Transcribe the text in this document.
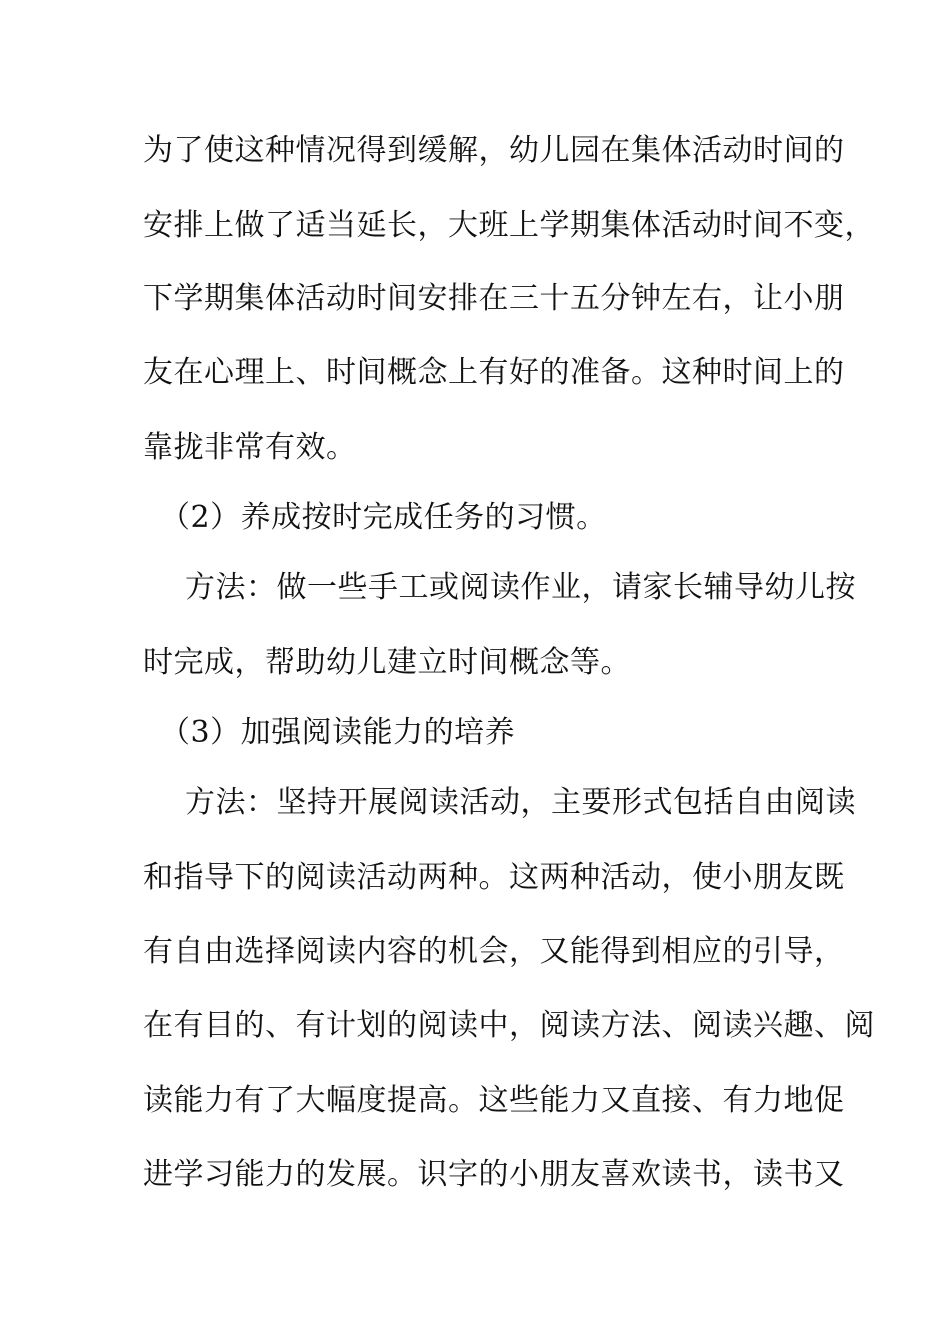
为了使这种情况得到缓解，幼儿园在集体活动时间的
安排上做了适当延长，大班上学期集体活动时间不变，
下学期集体活动时间安排在三十五分钟左右，让小朋
友在心理上、时间概念上有好的准备。这种时间上的
靠拢非常有效。
（2）养成按时完成任务的习惯。
方法：做一些手工或阅读作业，请家长辅导幼儿按
时完成，帮助幼儿建立时间概念等。
（3）加强阅读能力的培养
方法：坚持开展阅读活动，主要形式包括自由阅读
和指导下的阅读活动两种。这两种活动，使小朋友既
有自由选择阅读内容的机会，又能得到相应的引导，
在有目的、有计划的阅读中，阅读方法、阅读兴趣、阅
读能力有了大幅度提高。这些能力又直接、有力地促
进学习能力的发展。识字的小朋友喜欢读书，读书又
